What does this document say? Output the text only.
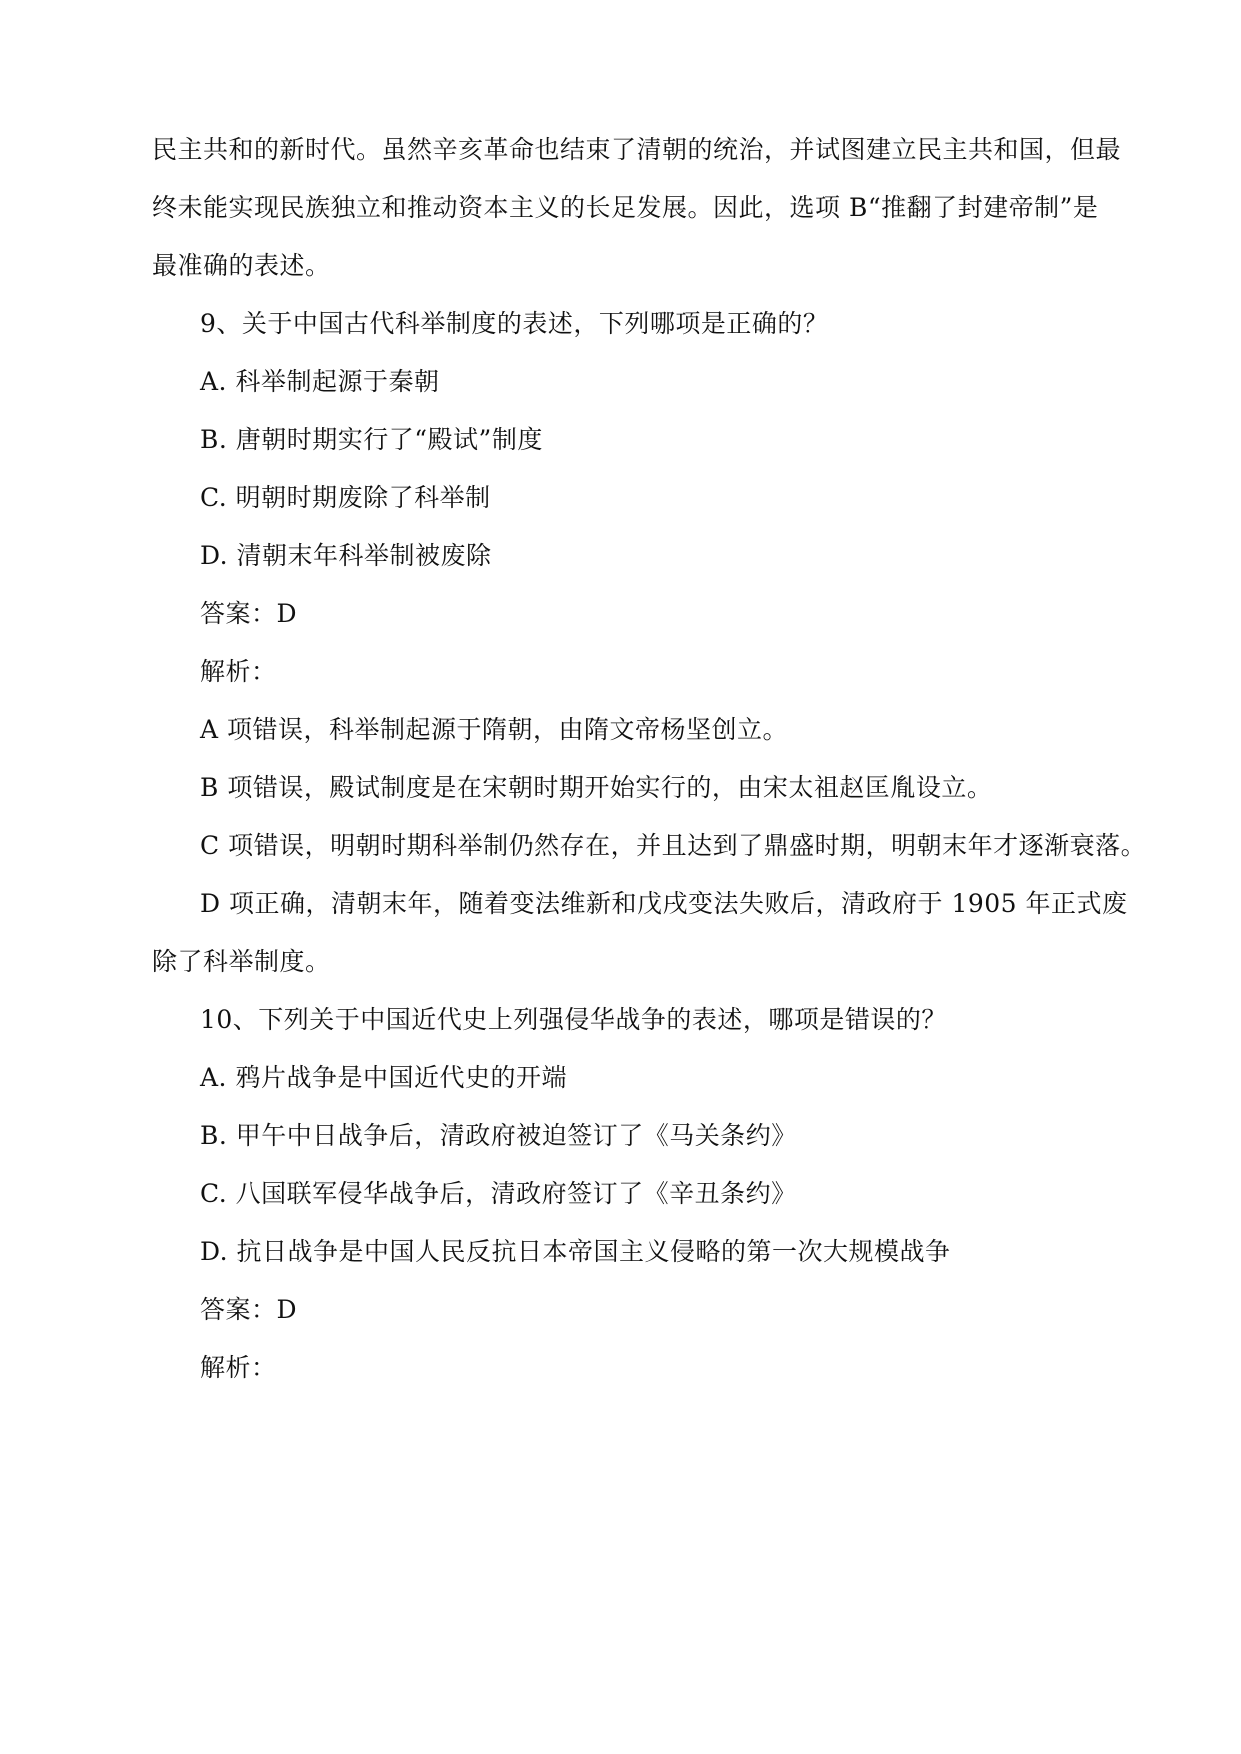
民主共和的新时代。虽然辛亥革命也结束了清朝的统治，并试图建立民主共和国，但最
终未能实现民族独立和推动资本主义的长足发展。因此，选项 B“推翻了封建帝制”是
最准确的表述。
9、关于中国古代科举制度的表述，下列哪项是正确的？
A. 科举制起源于秦朝
B. 唐朝时期实行了“殿试”制度
C. 明朝时期废除了科举制
D. 清朝末年科举制被废除
答案：D
解析：
A 项错误，科举制起源于隋朝，由隋文帝杨坚创立。
B 项错误，殿试制度是在宋朝时期开始实行的，由宋太祖赵匡胤设立。
C 项错误，明朝时期科举制仍然存在，并且达到了鼎盛时期，明朝末年才逐渐衰落。
D 项正确，清朝末年，随着变法维新和戊戌变法失败后，清政府于 1905 年正式废
除了科举制度。
10、下列关于中国近代史上列强侵华战争的表述，哪项是错误的？
A. 鸦片战争是中国近代史的开端
B. 甲午中日战争后，清政府被迫签订了《马关条约》
C. 八国联军侵华战争后，清政府签订了《辛丑条约》
D. 抗日战争是中国人民反抗日本帝国主义侵略的第一次大规模战争
答案：D
解析：
